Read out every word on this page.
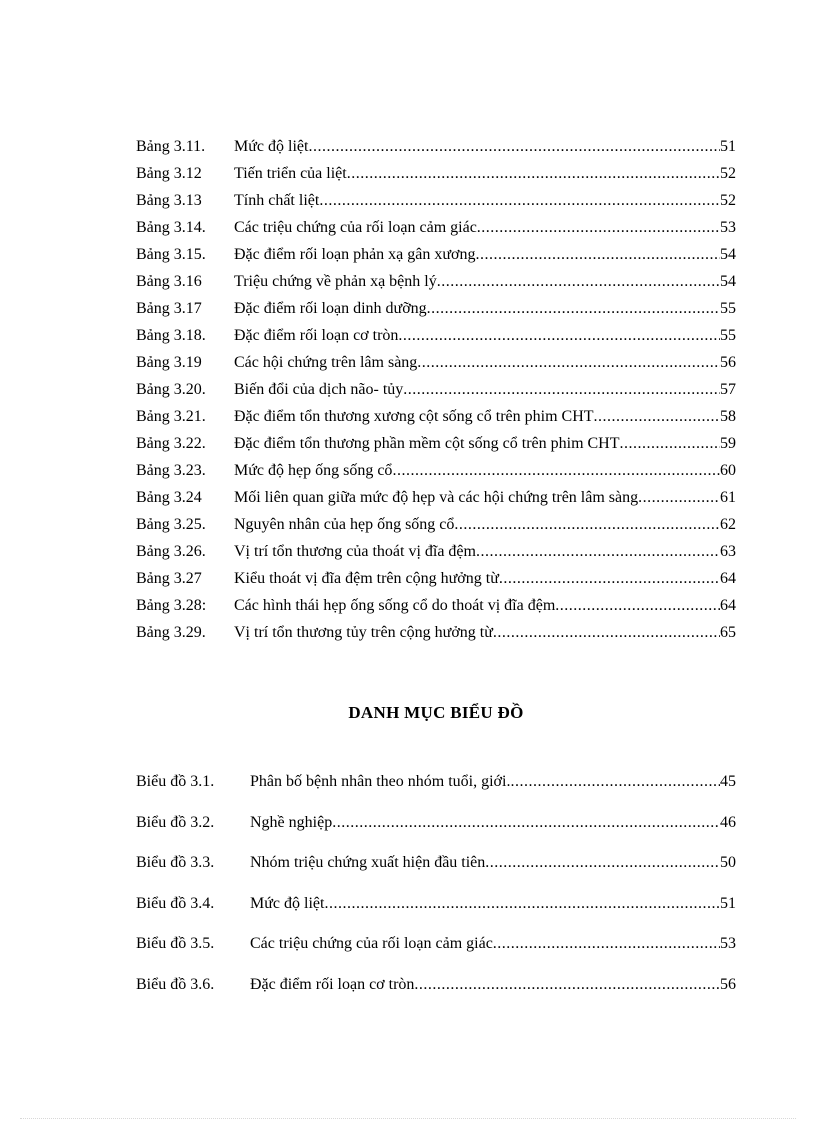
Bảng 3.11.	Mức độ liệt .....	51
Bảng 3.12	Tiến triển của liệt .....	52
Bảng 3.13	Tính chất liệt .....	52
Bảng 3.14.	Các triệu chứng của rối loạn cảm giác .....	53
Bảng 3.15.	Đặc điểm rối loạn phản xạ gân xương .....	54
Bảng 3.16	Triệu chứng về phản xạ bệnh lý .....	54
Bảng 3.17	Đặc điểm rối loạn dinh dưỡng .....	55
Bảng 3.18.	Đặc điểm rối loạn cơ tròn .....	55
Bảng 3.19	Các hội chứng trên lâm sàng .....	56
Bảng 3.20.	Biến đổi của dịch não- tủy .....	57
Bảng 3.21.	Đặc điểm tổn thương xương cột sống cổ trên phim CHT .....	58
Bảng 3.22.	Đặc điểm tổn thương phần mềm cột sống cổ trên phim CHT .....	59
Bảng 3.23.	Mức độ hẹp ống sống cổ .....	60
Bảng 3.24	Mối liên quan giữa mức độ hẹp và các hội chứng trên lâm sàng .....	61
Bảng 3.25.	Nguyên nhân của hẹp ống sống cổ .....	62
Bảng 3.26.	Vị trí tổn thương của thoát vị đĩa đệm .....	63
Bảng 3.27	Kiểu thoát vị đĩa đệm trên cộng hưởng từ .....	64
Bảng 3.28:	Các hình thái hẹp ống sống cổ do thoát vị đĩa đệm .....	64
Bảng 3.29.	Vị trí tổn thương tủy trên cộng hưởng từ .....	65
DANH MỤC BIỂU ĐỒ
Biểu đồ 3.1.	Phân bố bệnh nhân theo nhóm tuổi, giới. .....	45
Biểu đồ 3.2.	Nghề nghiệp .....	46
Biểu đồ 3.3.	Nhóm triệu chứng xuất hiện đầu tiên .....	50
Biểu đồ 3.4.	Mức độ liệt .....	51
Biểu đồ 3.5.	Các triệu chứng của rối loạn cảm giác .....	53
Biểu đồ 3.6.	Đặc điểm rối loạn cơ tròn .....	56
